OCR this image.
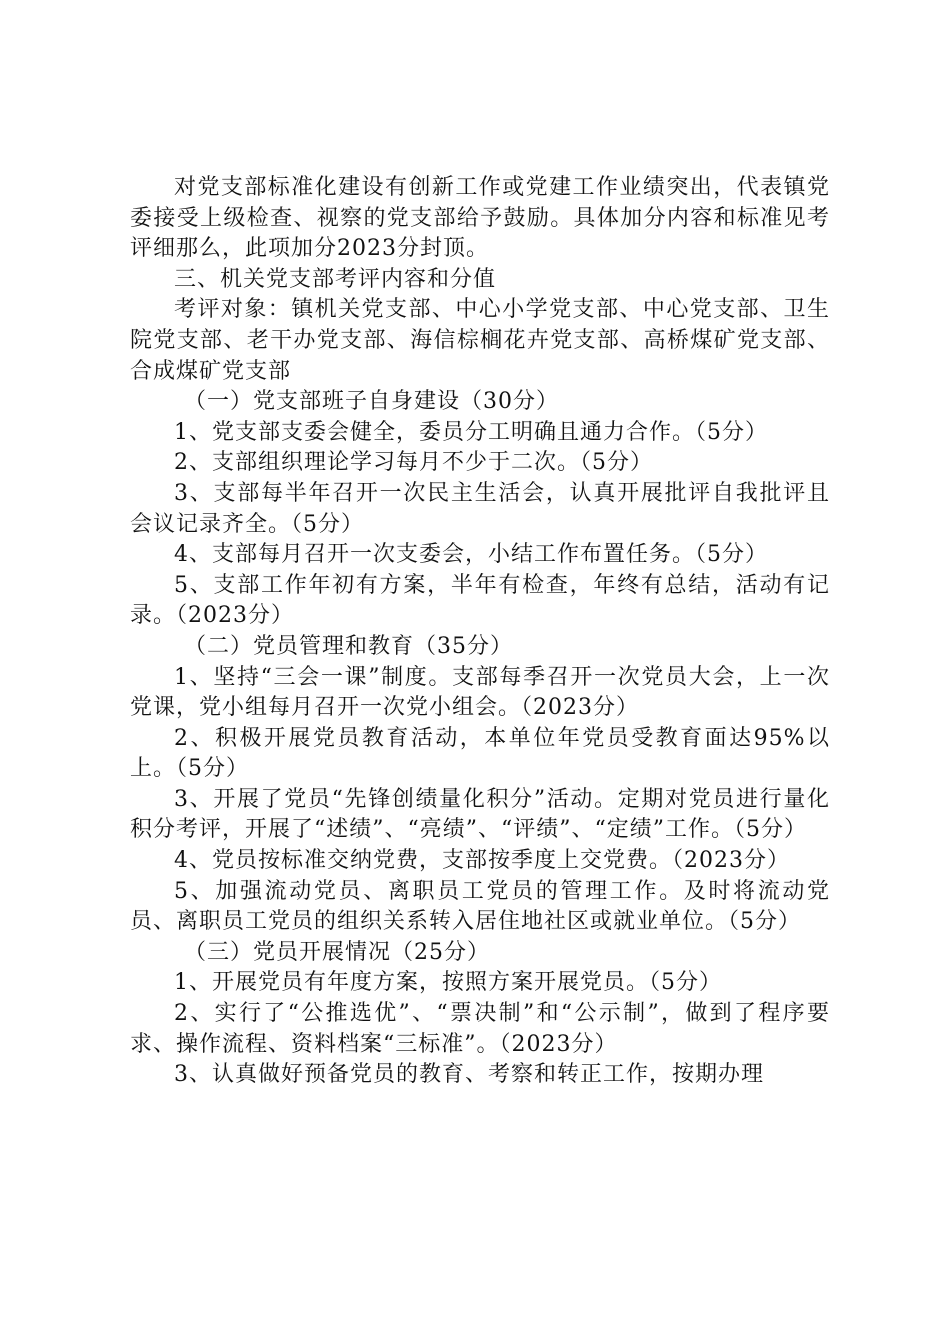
对党支部标准化建设有创新工作或党建工作业绩突出，代表镇党委接受上级检查、视察的党支部给予鼓励。具体加分内容和标准见考评细那么，此项加分2023分封顶。

三、机关党支部考评内容和分值

考评对象：镇机关党支部、中心小学党支部、中心党支部、卫生院党支部、老干办党支部、海信棕榈花卉党支部、高桥煤矿党支部、合成煤矿党支部

（一）党支部班子自身建设（30分）

1、党支部支委会健全，委员分工明确且通力合作。（5分）

2、支部组织理论学习每月不少于二次。（5分）

3、支部每半年召开一次民主生活会，认真开展批评自我批评且会议记录齐全。（5分）

4、支部每月召开一次支委会，小结工作布置任务。（5分）

5、支部工作年初有方案，半年有检查，年终有总结，活动有记录。（2023分）

（二）党员管理和教育（35分）

1、坚持“三会一课”制度。支部每季召开一次党员大会，上一次党课，党小组每月召开一次党小组会。（2023分）

2、积极开展党员教育活动，本单位年党员受教育面达95%以上。（5分）

3、开展了党员“先锋创绩量化积分”活动。定期对党员进行量化积分考评，开展了“述绩”、“亮绩”、“评绩”、“定绩”工作。（5分）

4、党员按标准交纳党费，支部按季度上交党费。（2023分）

5、加强流动党员、离职员工党员的管理工作。及时将流动党员、离职员工党员的组织关系转入居住地社区或就业单位。（5分）

（三）党员开展情况（25分）

1、开展党员有年度方案，按照方案开展党员。（5分）

2、实行了“公推选优”、“票决制”和“公示制”，做到了程序要求、操作流程、资料档案“三标准”。（2023分）

3、认真做好预备党员的教育、考察和转正工作，按期办理
